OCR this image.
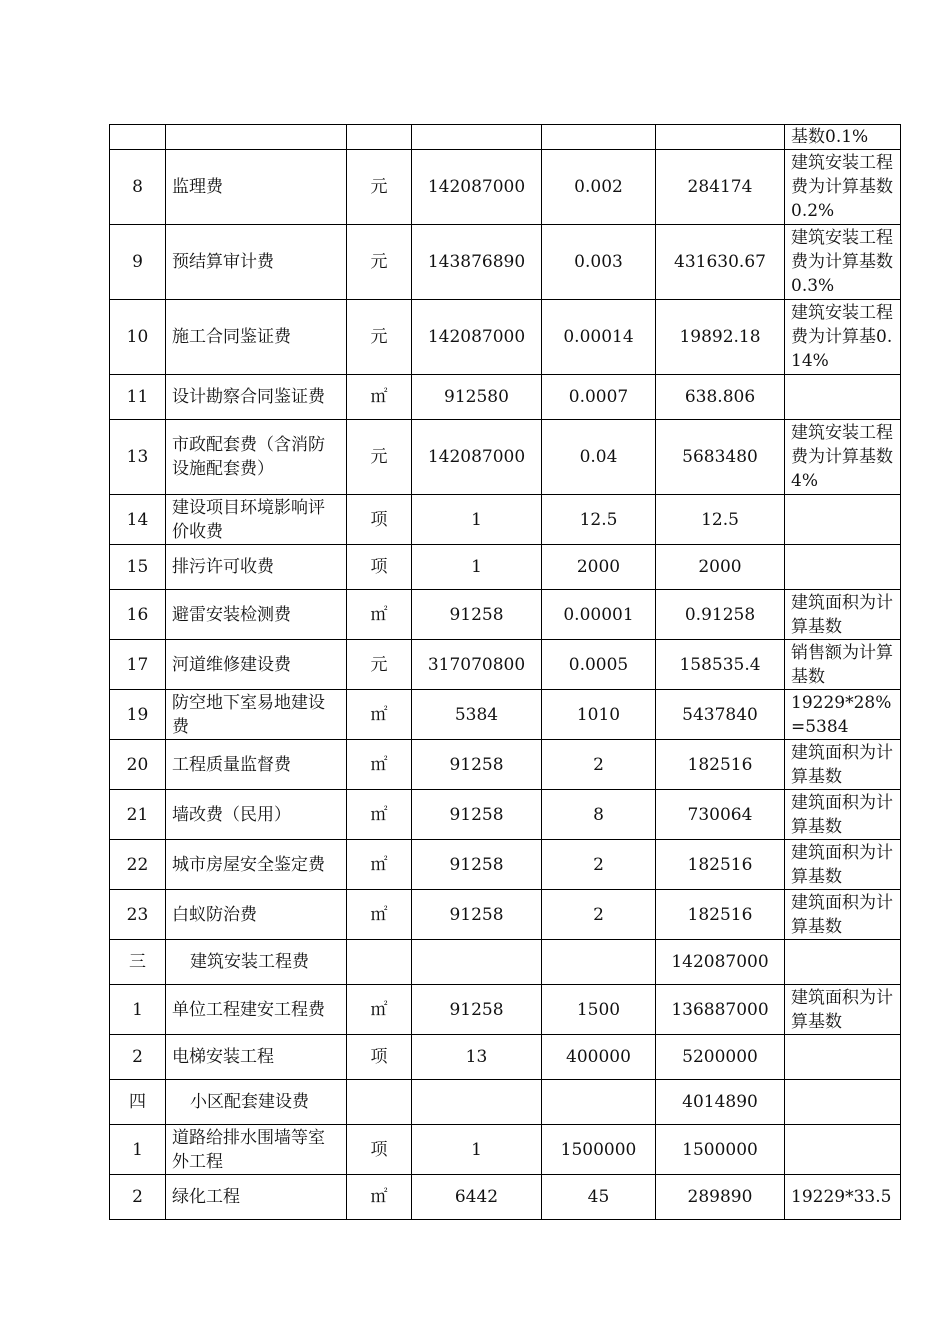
						基数0.1%
8	监理费	元	142087000	0.002	284174	建筑安装工程费为计算基数0.2%
9	预结算审计费	元	143876890	0.003	431630.67	建筑安装工程费为计算基数0.3%
10	施工合同鉴证费	元	142087000	0.00014	19892.18	建筑安装工程费为计算基0.14%
11	设计勘察合同鉴证费	㎡	912580	0.0007	638.806	
13	市政配套费（含消防设施配套费）	元	142087000	0.04	5683480	建筑安装工程费为计算基数4%
14	建设项目环境影响评价收费	项	1	12.5	12.5	
15	排污许可收费	项	1	2000	2000	
16	避雷安装检测费	㎡	91258	0.00001	0.91258	建筑面积为计算基数
17	河道维修建设费	元	317070800	0.0005	158535.4	销售额为计算基数
19	防空地下室易地建设费	㎡	5384	1010	5437840	19229*28%=5384
20	工程质量监督费	㎡	91258	2	182516	建筑面积为计算基数
21	墙改费（民用）	㎡	91258	8	730064	建筑面积为计算基数
22	城市房屋安全鉴定费	㎡	91258	2	182516	建筑面积为计算基数
23	白蚁防治费	㎡	91258	2	182516	建筑面积为计算基数
三	建筑安装工程费				142087000	
1	单位工程建安工程费	㎡	91258	1500	136887000	建筑面积为计算基数
2	电梯安装工程	项	13	400000	5200000	
四	小区配套建设费				4014890	
1	道路给排水围墙等室外工程	项	1	1500000	1500000	
2	绿化工程	㎡	6442	45	289890	19229*33.5
